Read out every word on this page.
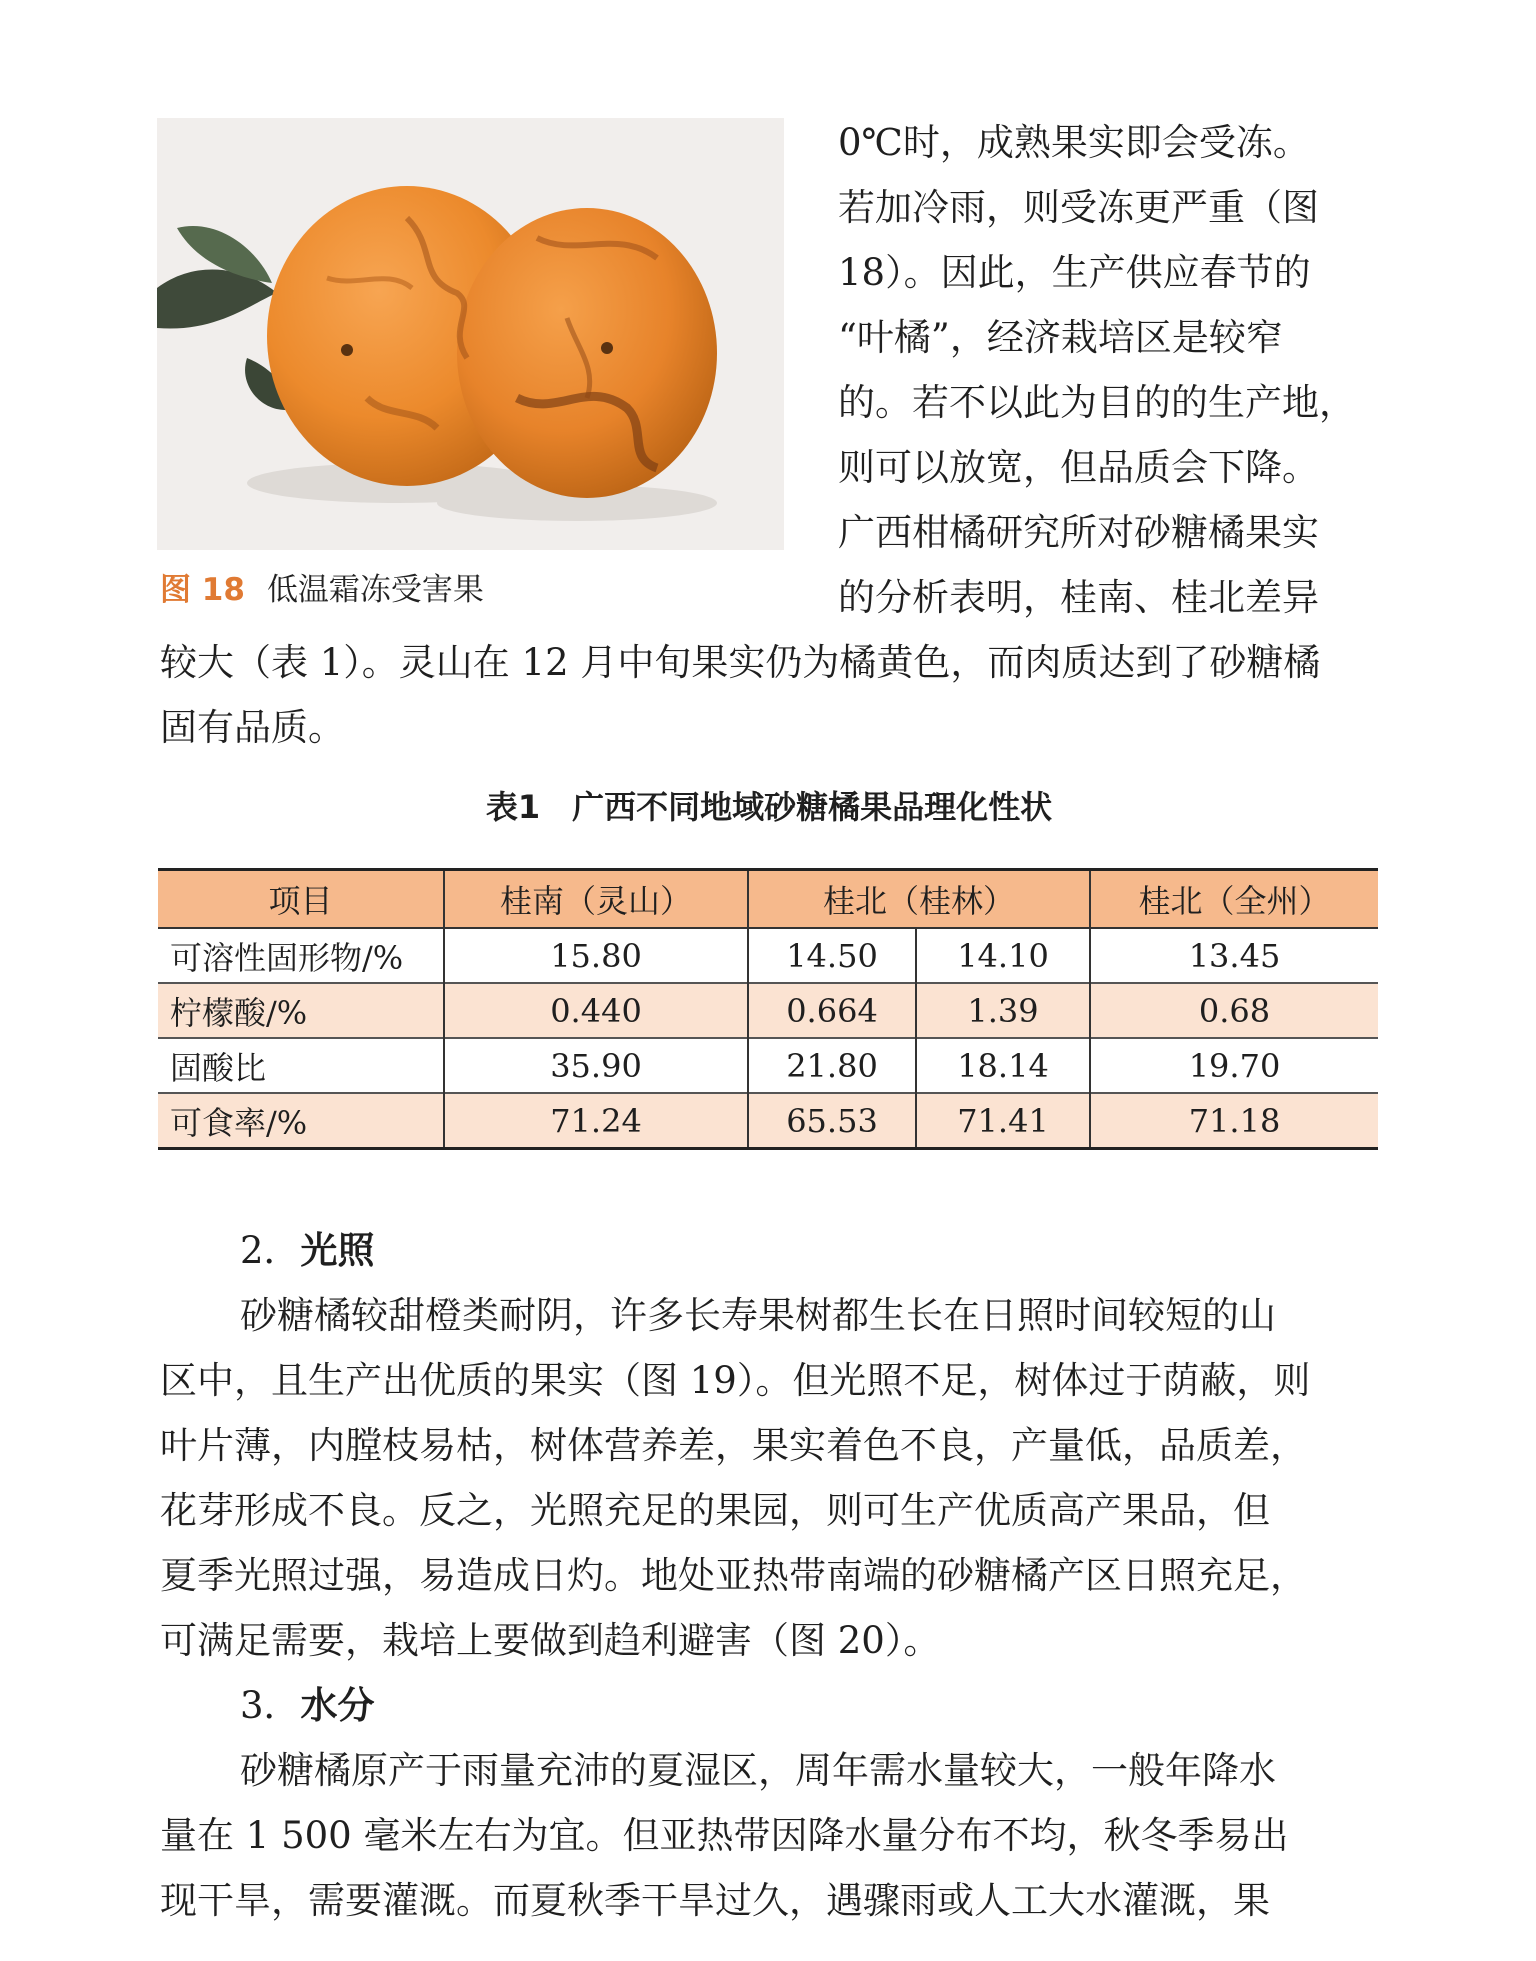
图 18 低温霜冻受害果
0℃时，成熟果实即会受冻。
若加冷雨，则受冻更严重（图
18）。因此，生产供应春节的
“叶橘”，经济栽培区是较窄
的。若不以此为目的的生产地，
则可以放宽，但品质会下降。
广西柑橘研究所对砂糖橘果实
的分析表明，桂南、桂北差异
较大（表 1）。灵山在 12 月中旬果实仍为橘黄色，而肉质达到了砂糖橘
固有品质。
表1 广西不同地域砂糖橘果品理化性状
项目	桂南（灵山）	桂北（桂林）		桂北（全州）
可溶性固形物/%	15.80	14.50	14.10	13.45
柠檬酸/%	0.440	0.664	1.39	0.68
固酸比	35.90	21.80	18.14	19.70
可食率/%	71.24	65.53	71.41	71.18
2．光照
砂糖橘较甜橙类耐阴，许多长寿果树都生长在日照时间较短的山
区中，且生产出优质的果实（图 19）。但光照不足，树体过于荫蔽，则
叶片薄，内膛枝易枯，树体营养差，果实着色不良，产量低，品质差，
花芽形成不良。反之，光照充足的果园，则可生产优质高产果品，但
夏季光照过强，易造成日灼。地处亚热带南端的砂糖橘产区日照充足，
可满足需要，栽培上要做到趋利避害（图 20）。
3．水分
砂糖橘原产于雨量充沛的夏湿区，周年需水量较大，一般年降水
量在 1 500 毫米左右为宜。但亚热带因降水量分布不均，秋冬季易出
现干旱，需要灌溉。而夏秋季干旱过久，遇骤雨或人工大水灌溉，果
